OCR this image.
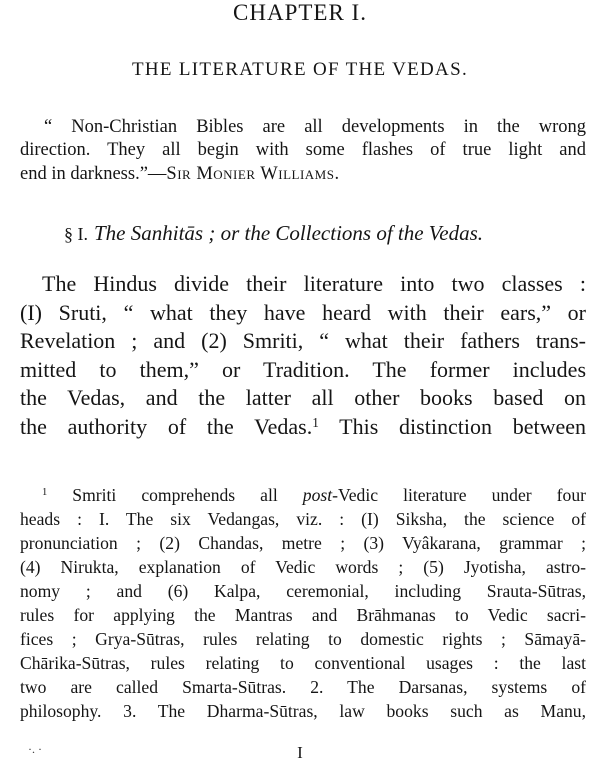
CHAPTER I.
THE LITERATURE OF THE VEDAS.
“ Non-Christian Bibles are all developments in the wrong
direction. They all begin with some flashes of true light and
end in darkness.”—Sir Monier Williams.
§ I. The Sanhitās ; or the Collections of the Vedas.
The Hindus divide their literature into two classes :
(I) Sruti, “ what they have heard with their ears,” or
Revelation ; and (2) Smriti, “ what their fathers trans-
mitted to them,” or Tradition. The former includes
the Vedas, and the latter all other books based on
the authority of the Vedas.$^1$ This distinction between
$^1$ Smriti comprehends all post-Vedic literature under four
heads : I. The six Vedangas, viz. : (I) Siksha, the science of
pronunciation ; (2) Chandas, metre ; (3) Vyâkarana, grammar ;
(4) Nirukta, explanation of Vedic words ; (5) Jyotisha, astro-
nomy ; and (6) Kalpa, ceremonial, including Srauta-Sūtras,
rules for applying the Mantras and Brāhmanas to Vedic sacri-
fices ; Grya-Sūtras, rules relating to domestic rights ; Sāmayā-
Chārika-Sūtras, rules relating to conventional usages : the last
two are called Smarta-Sūtras. 2. The Darsanas, systems of
philosophy. 3. The Dharma-Sūtras, law books such as Manu,
·. ·	I
